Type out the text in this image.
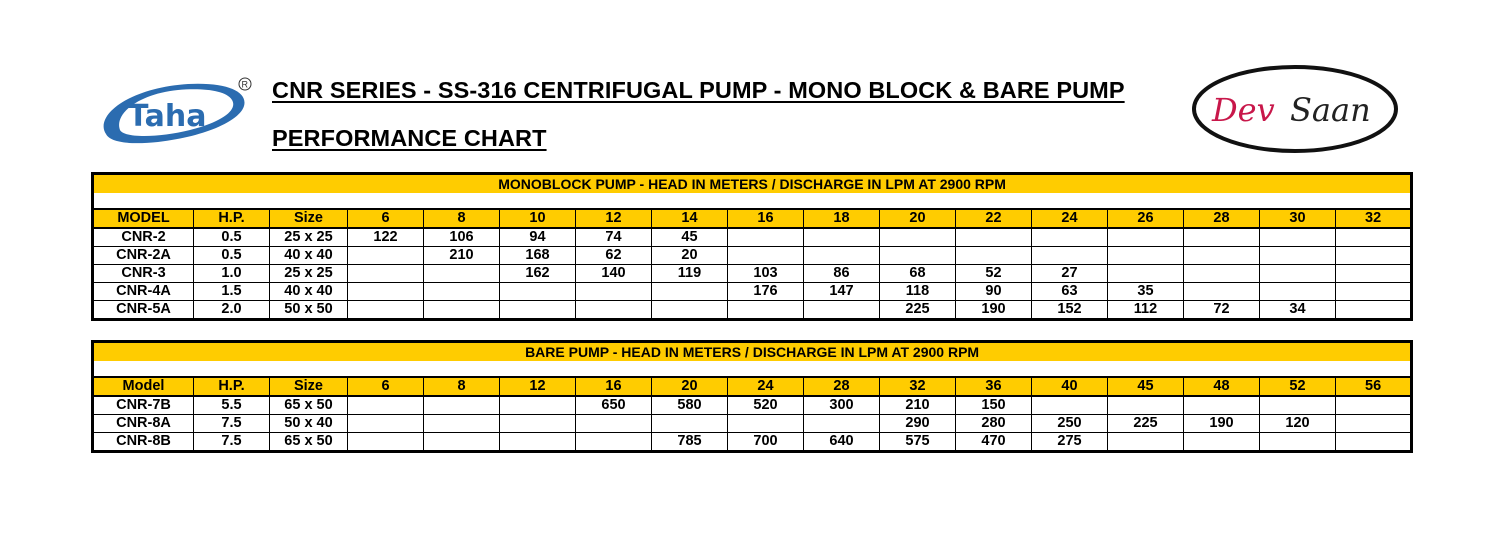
Taha
R CNR SERIES - SS-316 CENTRIFUGAL PUMP - MONO BLOCK & BARE PUMP
PERFORMANCE CHART
Dev Saan
MONOBLOCK PUMP - HEAD IN METERS / DISCHARGE IN LPM AT 2900 RPM																

MODEL	H.P.	Size	6	8	10	12	14	16	18	20	22	24	26	28	30	32
CNR-2	0.5	25 x 25	122	106	94	74	45									
CNR-2A	0.5	40 x 40		210	168	62	20									
CNR-3	1.0	25 x 25			162	140	119	103	86	68	52	27				
CNR-4A	1.5	40 x 40						176	147	118	90	63	35			
CNR-5A	2.0	50 x 50								225	190	152	112	72	34	
BARE PUMP - HEAD IN METERS / DISCHARGE IN LPM AT 2900 RPM																

Model	H.P.	Size	6	8	12	16	20	24	28	32	36	40	45	48	52	56
CNR-7B	5.5	65 x 50				650	580	520	300	210	150					
CNR-8A	7.5	50 x 40								290	280	250	225	190	120	
CNR-8B	7.5	65 x 50					785	700	640	575	470	275				
